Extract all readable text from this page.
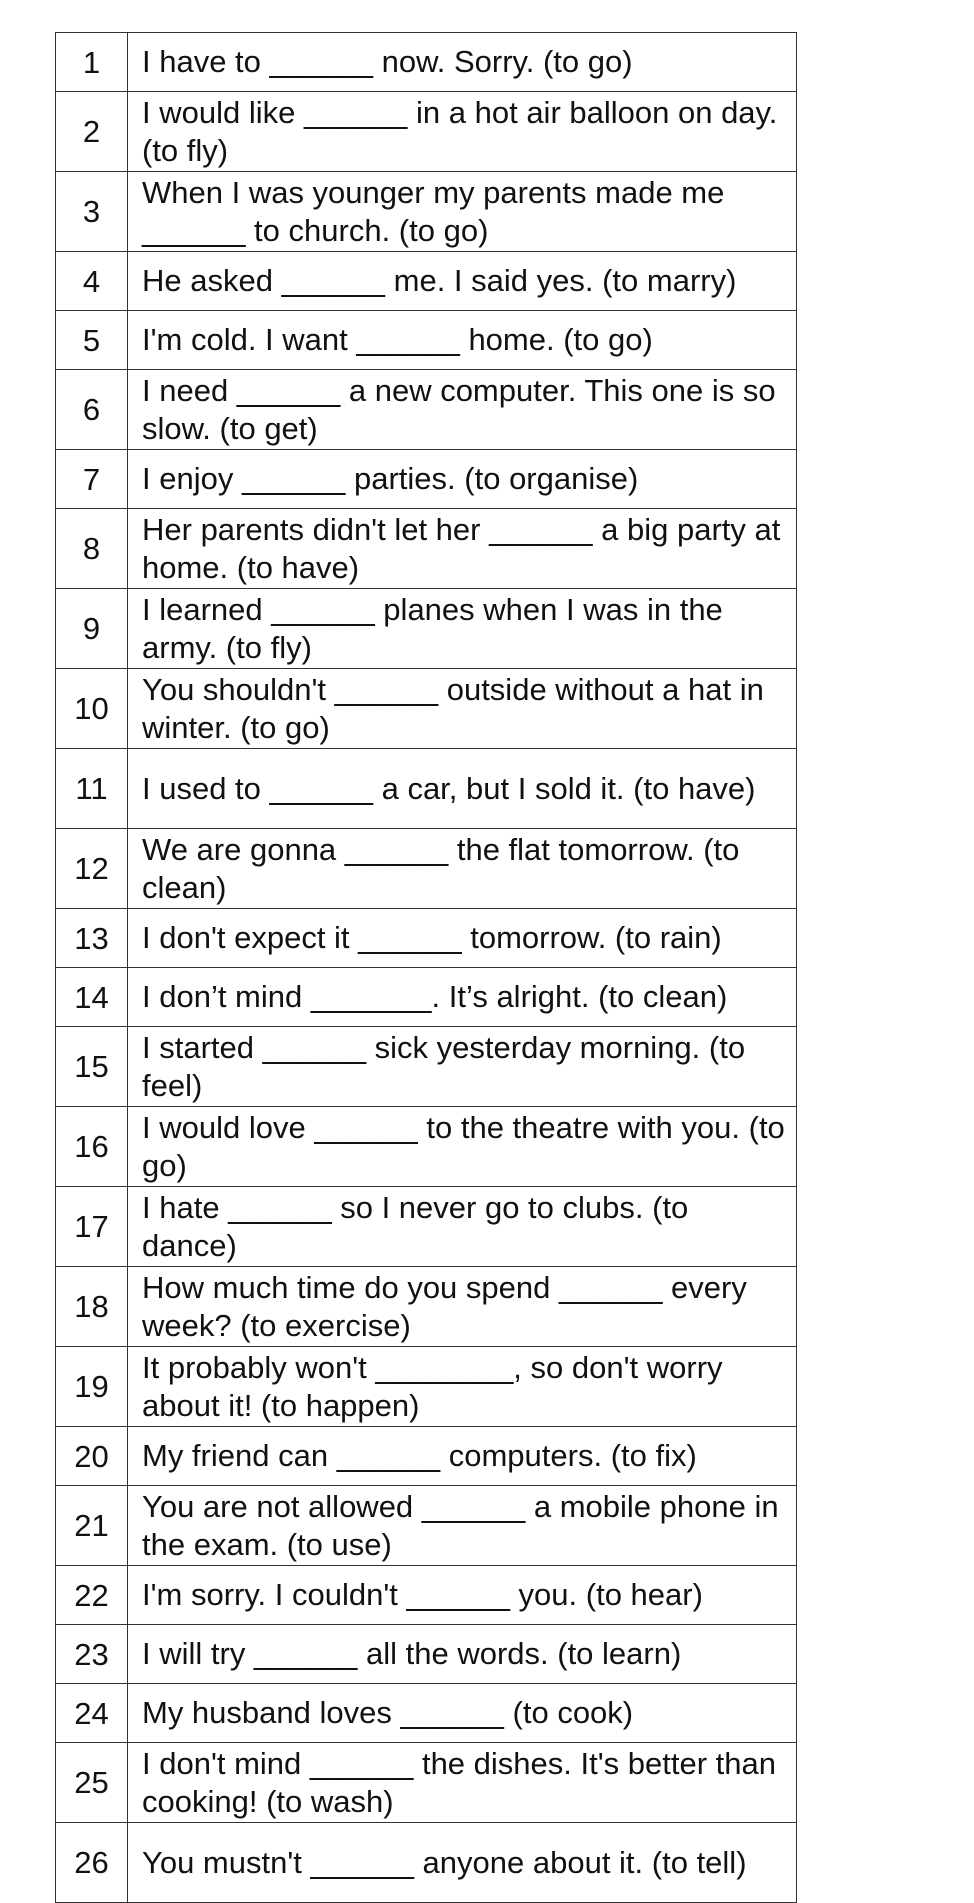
1	I have to ______ now. Sorry. (to go)
2	I would like ______ in a hot air balloon on day. (to fly)
3	When I was younger my parents made me ______ to church. (to go)
4	He asked ______ me. I said yes. (to marry)
5	I'm cold. I want ______ home. (to go)
6	I need ______ a new computer. This one is so slow. (to get)
7	I enjoy ______ parties. (to organise)
8	Her parents didn't let her ______ a big party at home. (to have)
9	I learned ______ planes when I was in the army. (to fly)
10	You shouldn't ______ outside without a hat in winter. (to go)
11	I used to ______ a car, but I sold it. (to have)
12	We are gonna ______ the flat tomorrow. (to clean)
13	I don't expect it ______ tomorrow. (to rain)
14	I don’t mind _______. It’s alright. (to clean)
15	I started ______ sick yesterday morning. (to feel)
16	I would love ______ to the theatre with you. (to go)
17	I hate ______ so I never go to clubs. (to dance)
18	How much time do you spend ______ every week? (to exercise)
19	It probably won't ________, so don't worry about it! (to happen)
20	My friend can ______ computers. (to fix)
21	You are not allowed ______ a mobile phone in the exam. (to use)
22	I'm sorry. I couldn't ______ you. (to hear)
23	I will try ______ all the words. (to learn)
24	My husband loves ______ (to cook)
25	I don't mind ______ the dishes. It's better than cooking! (to wash)
26	You mustn't ______ anyone about it. (to tell)
